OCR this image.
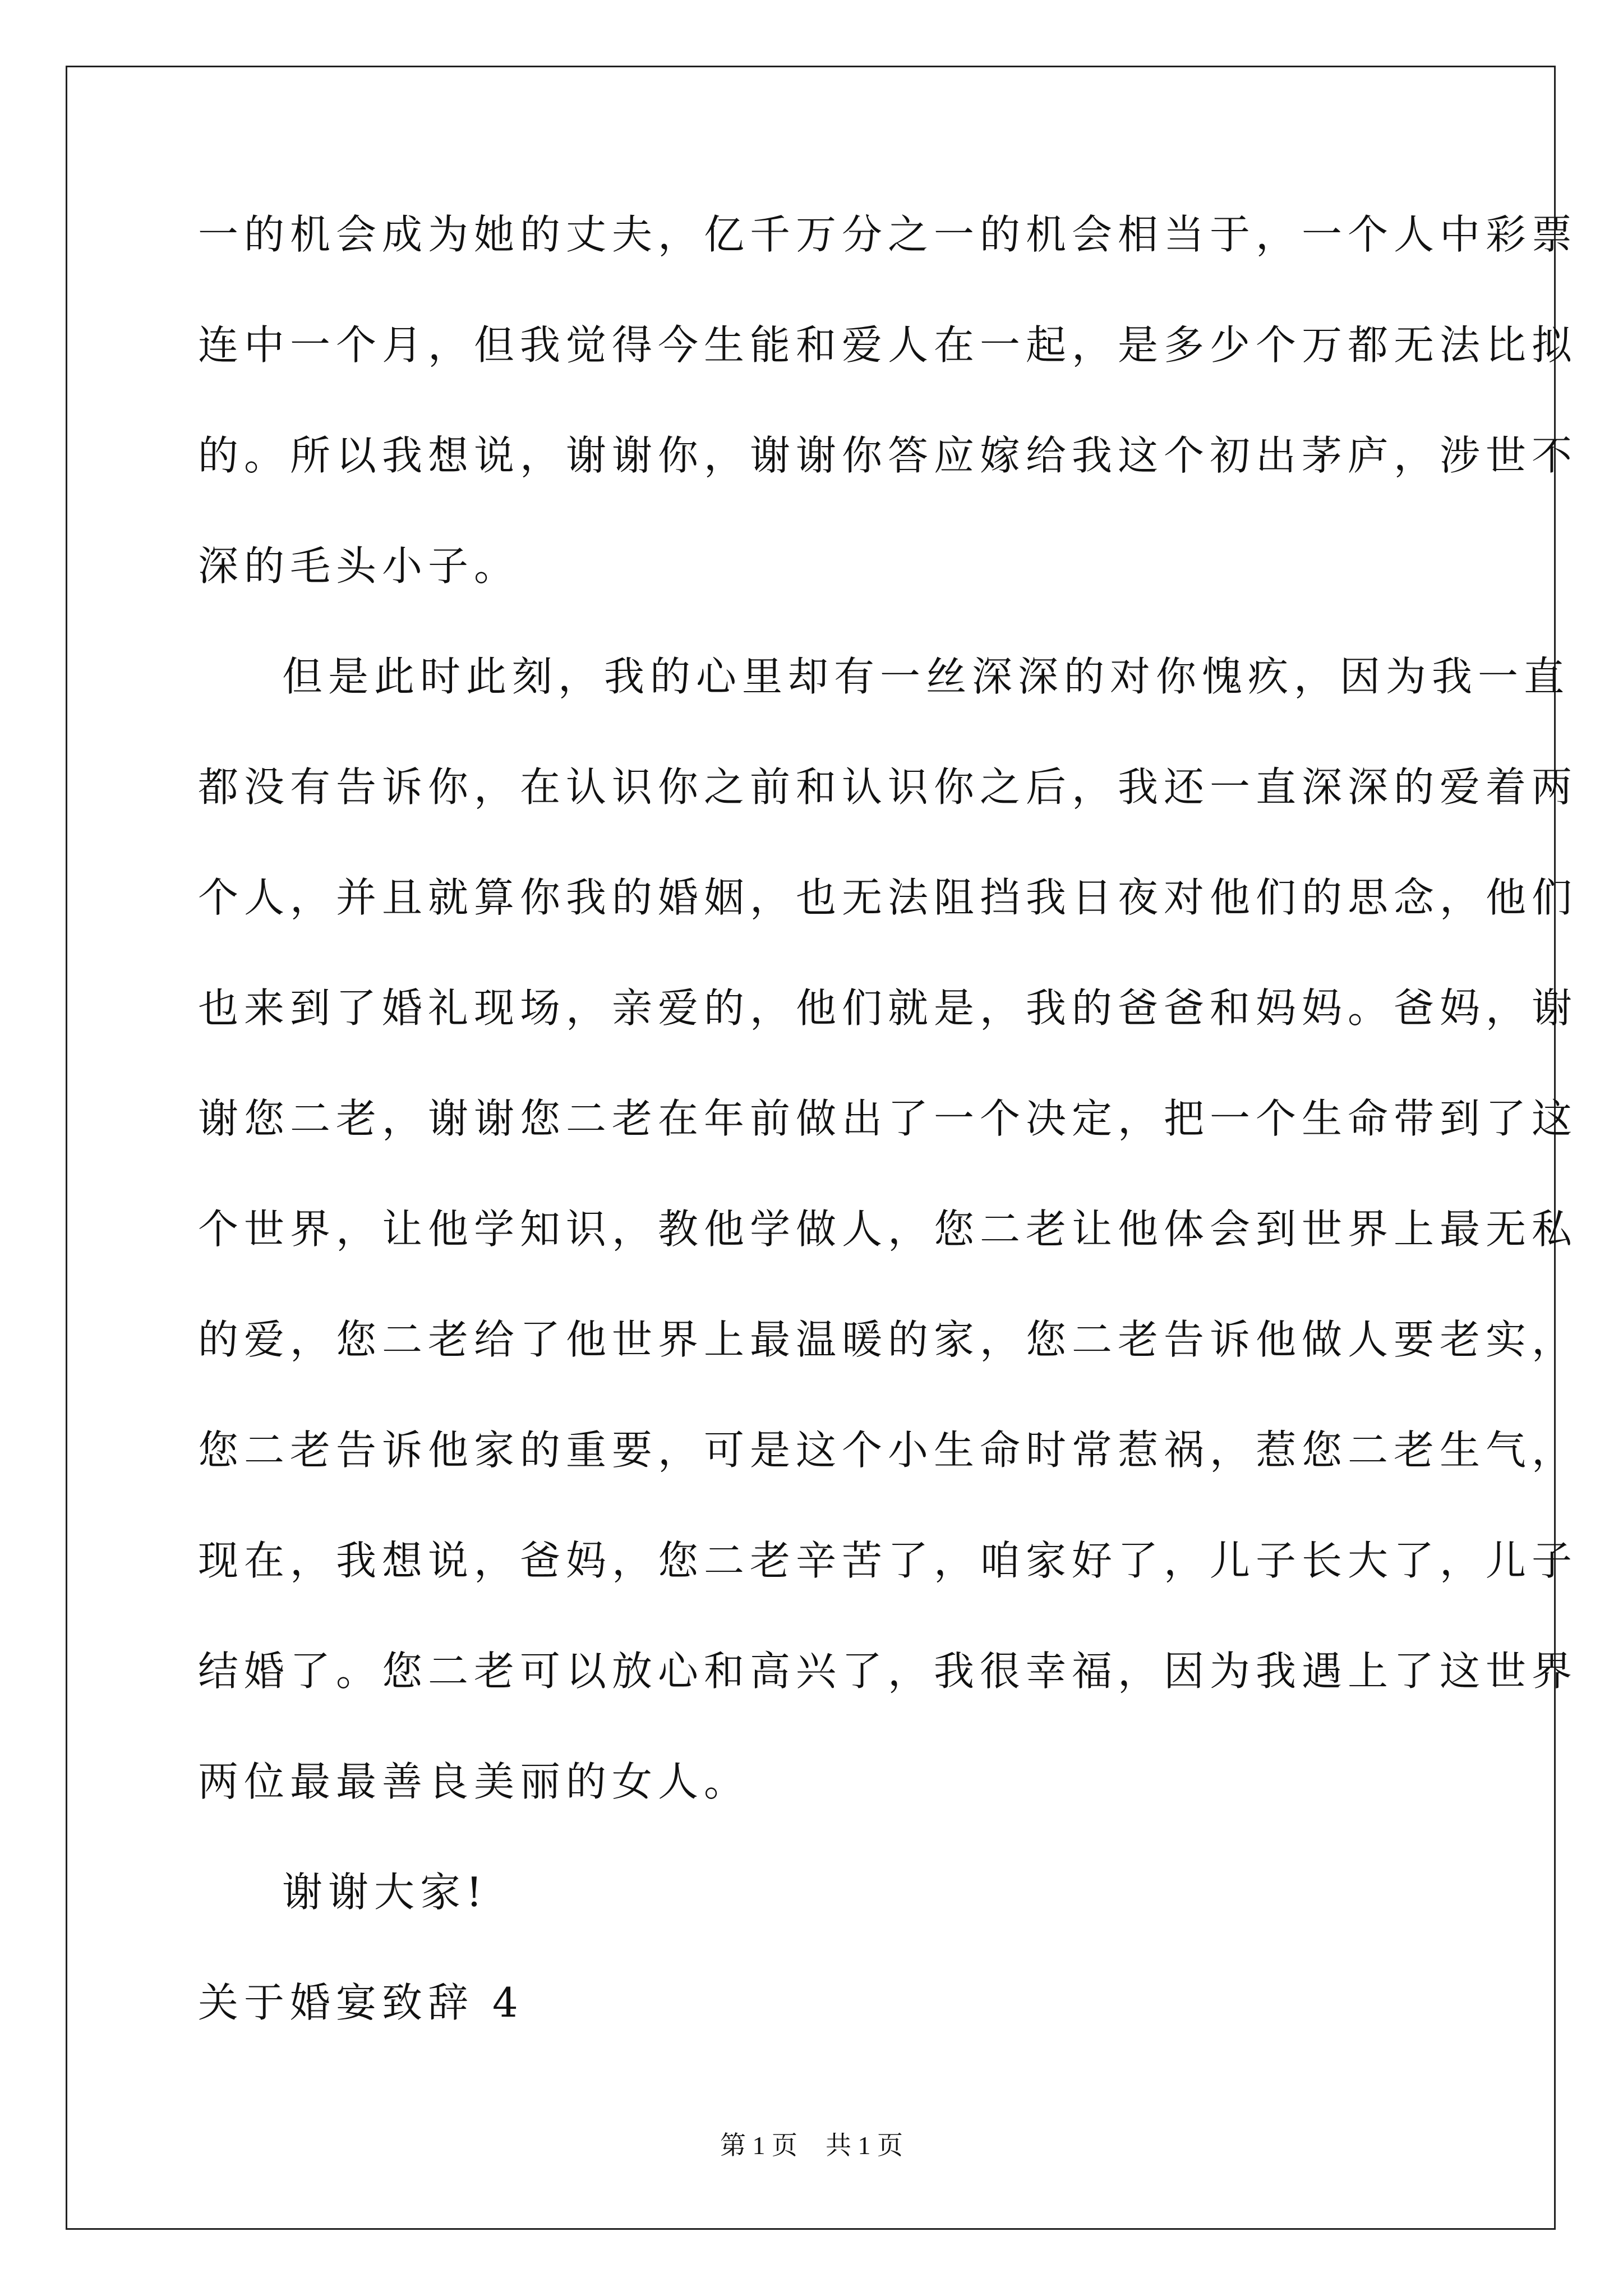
一的机会成为她的丈夫，亿千万分之一的机会相当于，一个人中彩票
连中一个月，但我觉得今生能和爱人在一起，是多少个万都无法比拟
的。所以我想说，谢谢你，谢谢你答应嫁给我这个初出茅庐，涉世不
深的毛头小子。
但是此时此刻，我的心里却有一丝深深的对你愧疚，因为我一直
都没有告诉你，在认识你之前和认识你之后，我还一直深深的爱着两
个人，并且就算你我的婚姻，也无法阻挡我日夜对他们的思念，他们
也来到了婚礼现场，亲爱的，他们就是，我的爸爸和妈妈。爸妈，谢
谢您二老，谢谢您二老在年前做出了一个决定，把一个生命带到了这
个世界，让他学知识，教他学做人，您二老让他体会到世界上最无私
的爱，您二老给了他世界上最温暖的家，您二老告诉他做人要老实，
您二老告诉他家的重要，可是这个小生命时常惹祸，惹您二老生气，
现在，我想说，爸妈，您二老辛苦了，咱家好了，儿子长大了，儿子
结婚了。您二老可以放心和高兴了，我很幸福，因为我遇上了这世界
两位最最善良美丽的女人。
谢谢大家!
关于婚宴致辞 4
第 1 页 共 1 页
